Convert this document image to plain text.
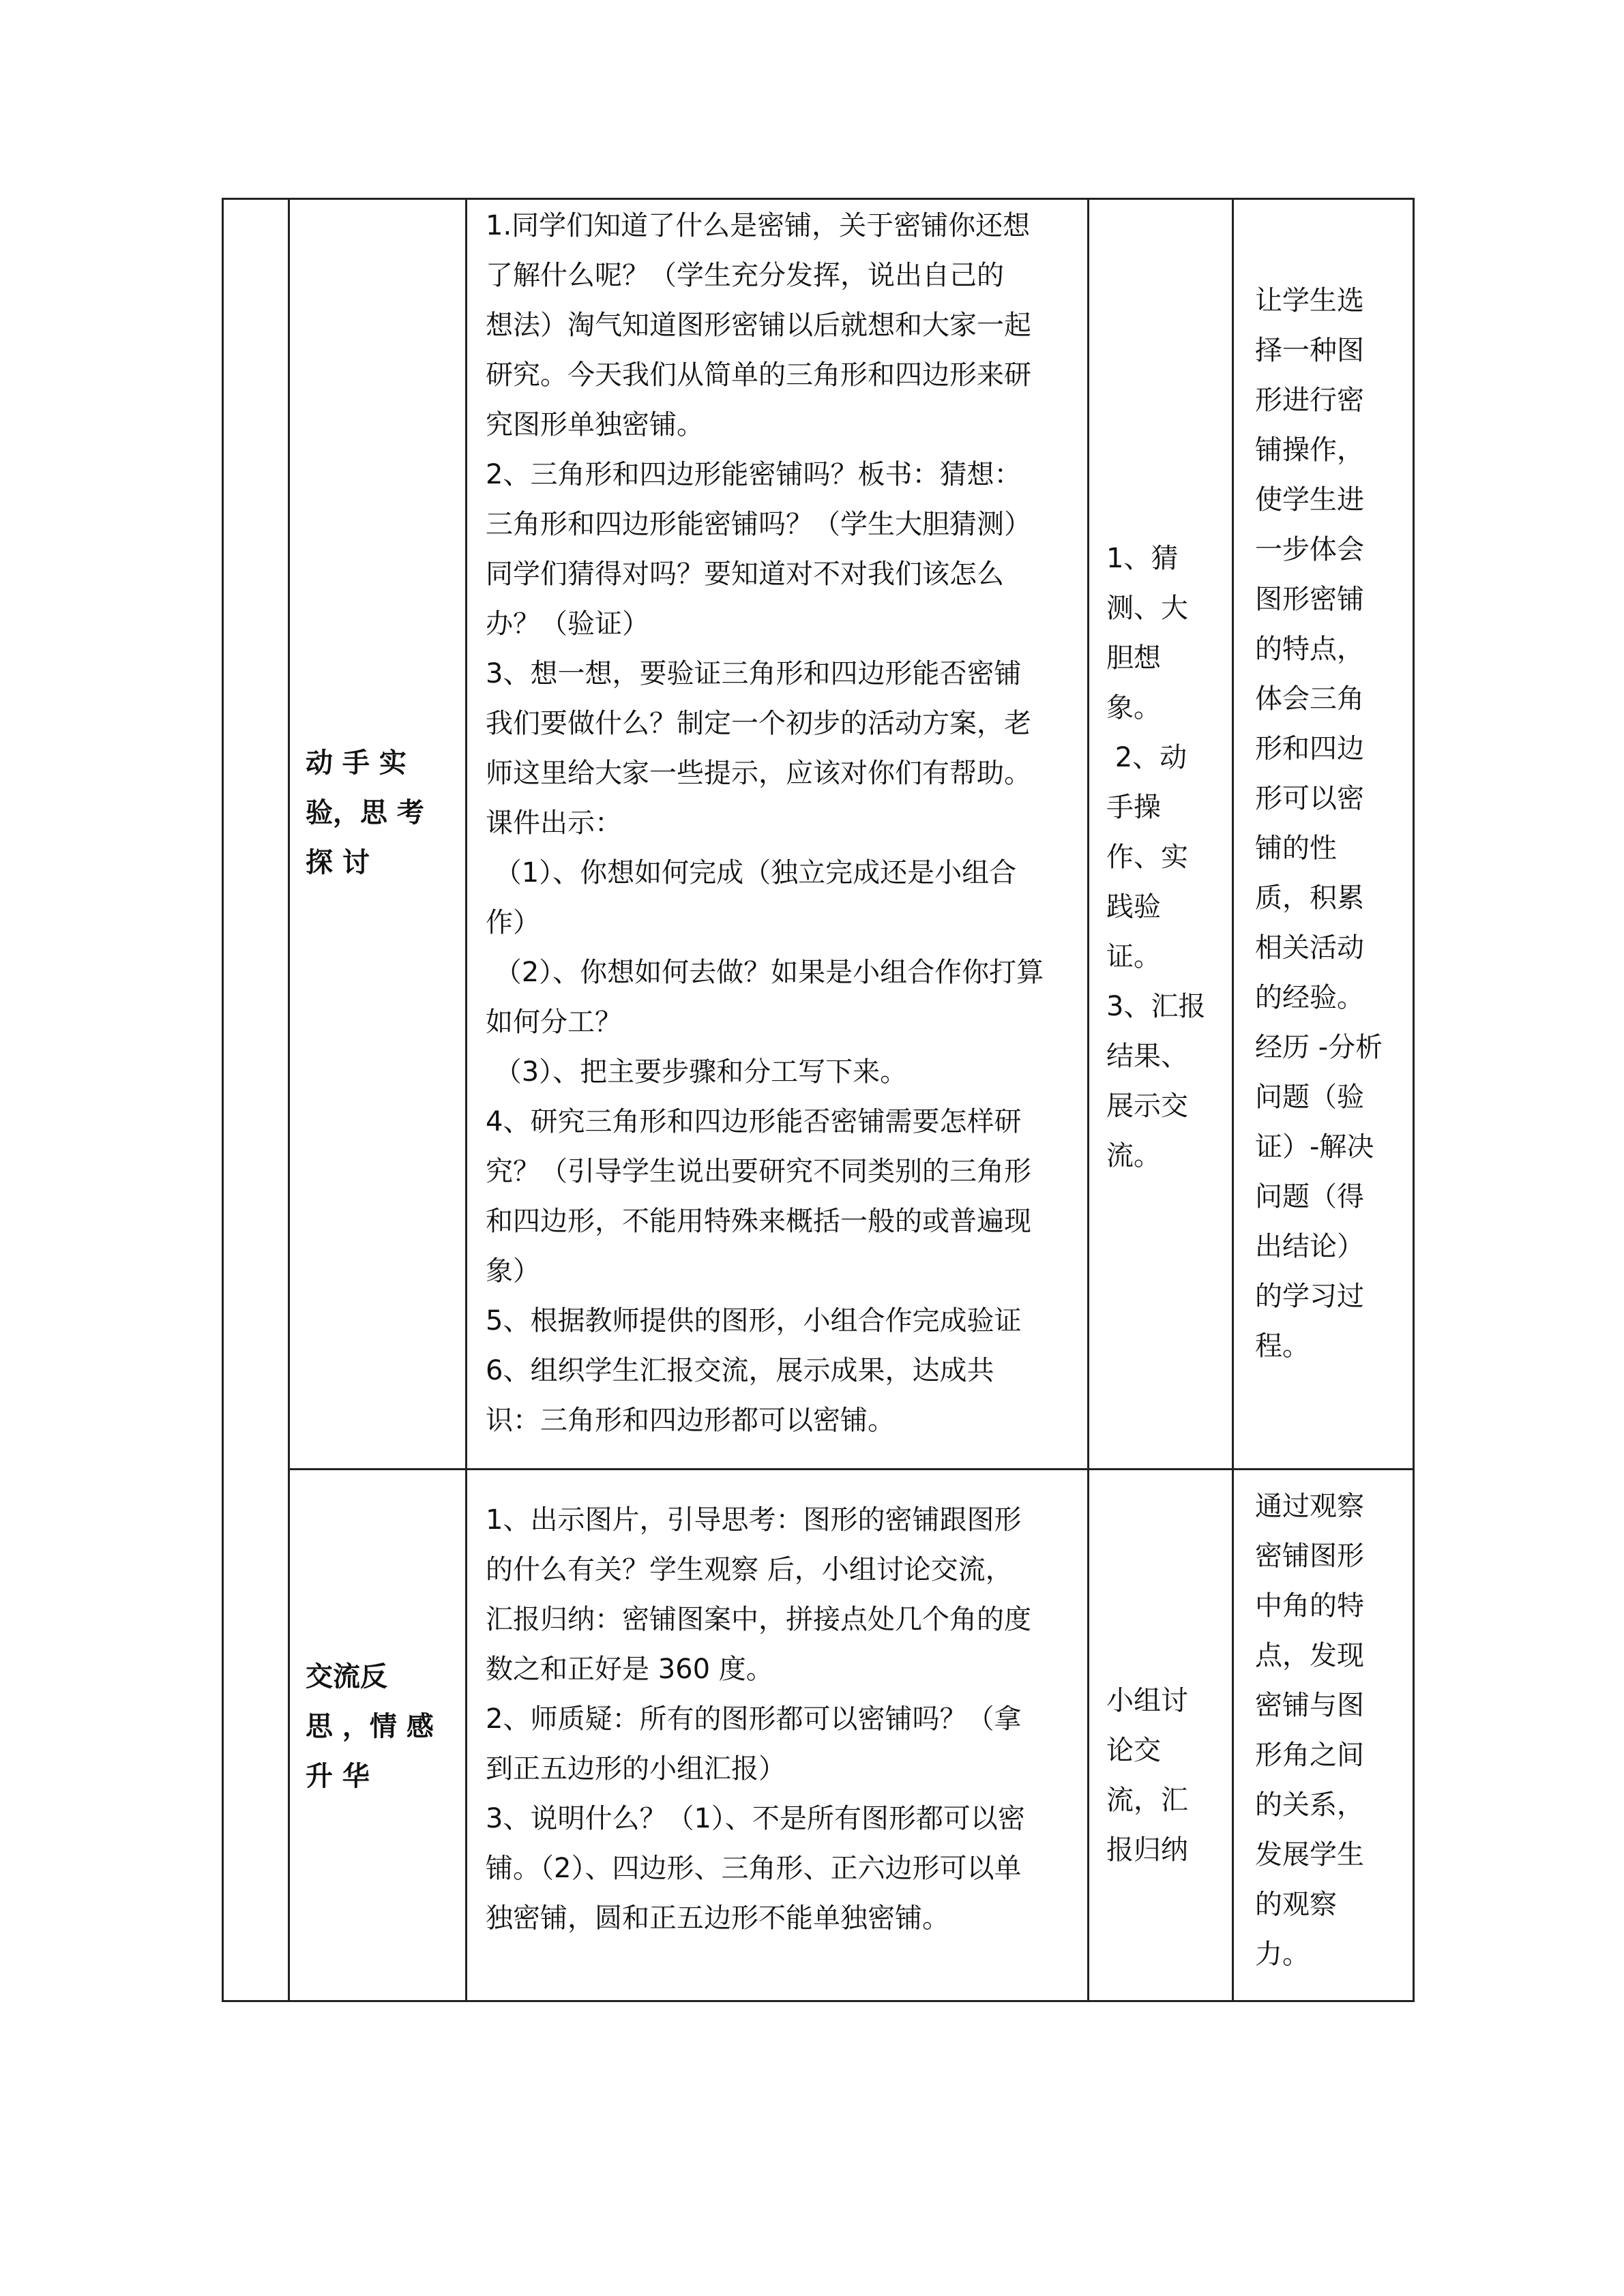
动 手 实

验，思 考

探 讨

1.同学们知道了什么是密铺，关于密铺你还想

了解什么呢？（学生充分发挥，说出自己的

想法）淘气知道图形密铺以后就想和大家一起

研究。今天我们从简单的三角形和四边形来研

究图形单独密铺。

2、三角形和四边形能密铺吗？板书：猜想：

三角形和四边形能密铺吗？（学生大胆猜测）

同学们猜得对吗？要知道对不对我们该怎么

办？（验证）

3、想一想，要验证三角形和四边形能否密铺

我们要做什么？制定一个初步的活动方案，老

师这里给大家一些提示，应该对你们有帮助。

课件出示：

（1）、你想如何完成（独立完成还是小组合

作）

（2）、你想如何去做？如果是小组合作你打算

如何分工？

（3）、把主要步骤和分工写下来。

4、研究三角形和四边形能否密铺需要怎样研

究？（引导学生说出要研究不同类别的三角形

和四边形，不能用特殊来概括一般的或普遍现

象）

5、根据教师提供的图形，小组合作完成验证

6、组织学生汇报交流，展示成果，达成共

识：三角形和四边形都可以密铺。

1、猜

测、大

胆想

象。

2、动

手操

作、实

践验

证。

3、汇报

结果、

展示交

流。

让学生选

择一种图

形进行密

铺操作，

使学生进

一步体会

图形密铺

的特点，

体会三角

形和四边

形可以密

铺的性

质，积累

相关活动

的经验。

经历 -分析

问题（验

证）-解决

问题（得

出结论）

的学习过

程。

交流反

思 ，情 感

升 华

1、出示图片，引导思考：图形的密铺跟图形

的什么有关？学生观察 后，小组讨论交流，

汇报归纳：密铺图案中，拼接点处几个角的度

数之和正好是 360 度。

2、师质疑：所有的图形都可以密铺吗？（拿

到正五边形的小组汇报）

3、说明什么？（1）、不是所有图形都可以密

铺。（2）、四边形、三角形、正六边形可以单

独密铺，圆和正五边形不能单独密铺。

小组讨

论交

流，汇

报归纳

通过观察

密铺图形

中角的特

点，发现

密铺与图

形角之间

的关系，

发展学生

的观察

力。
